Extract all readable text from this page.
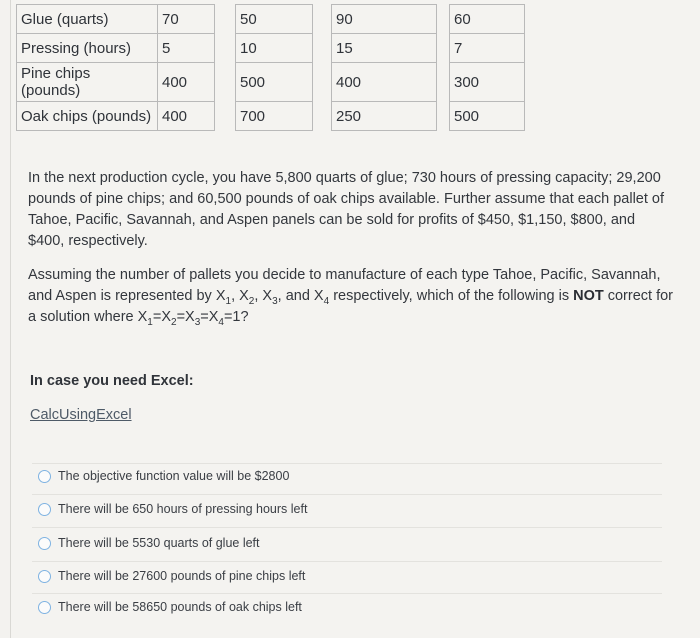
Glue (quarts)	70		50		90		60
Pressing (hours)	5		10		15		7
Pine chips (pounds)	400		500		400		300
Oak chips (pounds)	400		700		250		500
In the next production cycle, you have 5,800 quarts of glue; 730 hours of pressing capacity; 29,200 pounds of pine chips; and 60,500 pounds of oak chips available. Further assume that each pallet of Tahoe, Pacific, Savannah, and Aspen panels can be sold for profits of $450, $1,150, $800, and $400, respectively.
Assuming the number of pallets you decide to manufacture of each type Tahoe, Pacific, Savannah, and Aspen is represented by $X_1$, $X_2$, $X_3$, and $X_4$ respectively, which of the following is NOT correct for a solution where $X_1=X_2=X_3=X_4=1$?
In case you need Excel:
CalcUsingExcel
The objective function value will be $2800
There will be 650 hours of pressing hours left
There will be 5530 quarts of glue left
There will be 27600 pounds of pine chips left
There will be 58650 pounds of oak chips left
